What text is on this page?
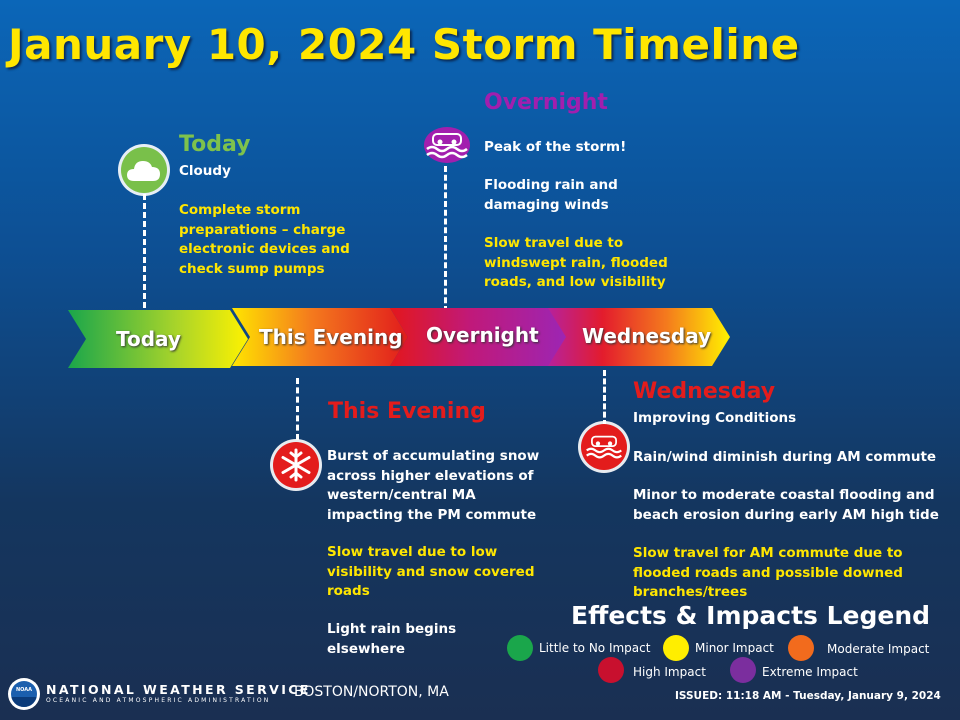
January 10, 2024 Storm Timeline
Today
Cloudy
Complete storm preparations – charge electronic devices and check sump pumps
Overnight
Peak of the storm!
Flooding rain and damaging winds
Slow travel due to windswept rain, flooded roads, and low visibility
Today	This Evening Overnight Wednesday
This Evening
Burst of accumulating snow across higher elevations of western/central MA impacting the PM commute
Slow travel due to low visibility and snow covered roads
Light rain begins elsewhere
Wednesday
Improving Conditions
Rain/wind diminish during AM commute
Minor to moderate coastal flooding and beach erosion during early AM high tide
Slow travel for AM commute due to flooded roads and possible downed branches/trees
Effects & Impacts Legend
Little to No Impact	Minor Impact	Moderate Impact
High Impact	Extreme Impact
NOAA NATIONAL WEATHER SERVICE
OCEANIC AND ATMOSPHERIC ADMINISTRATION
BOSTON/NORTON, MA	ISSUED: 11:18 AM - Tuesday, January 9, 2024
